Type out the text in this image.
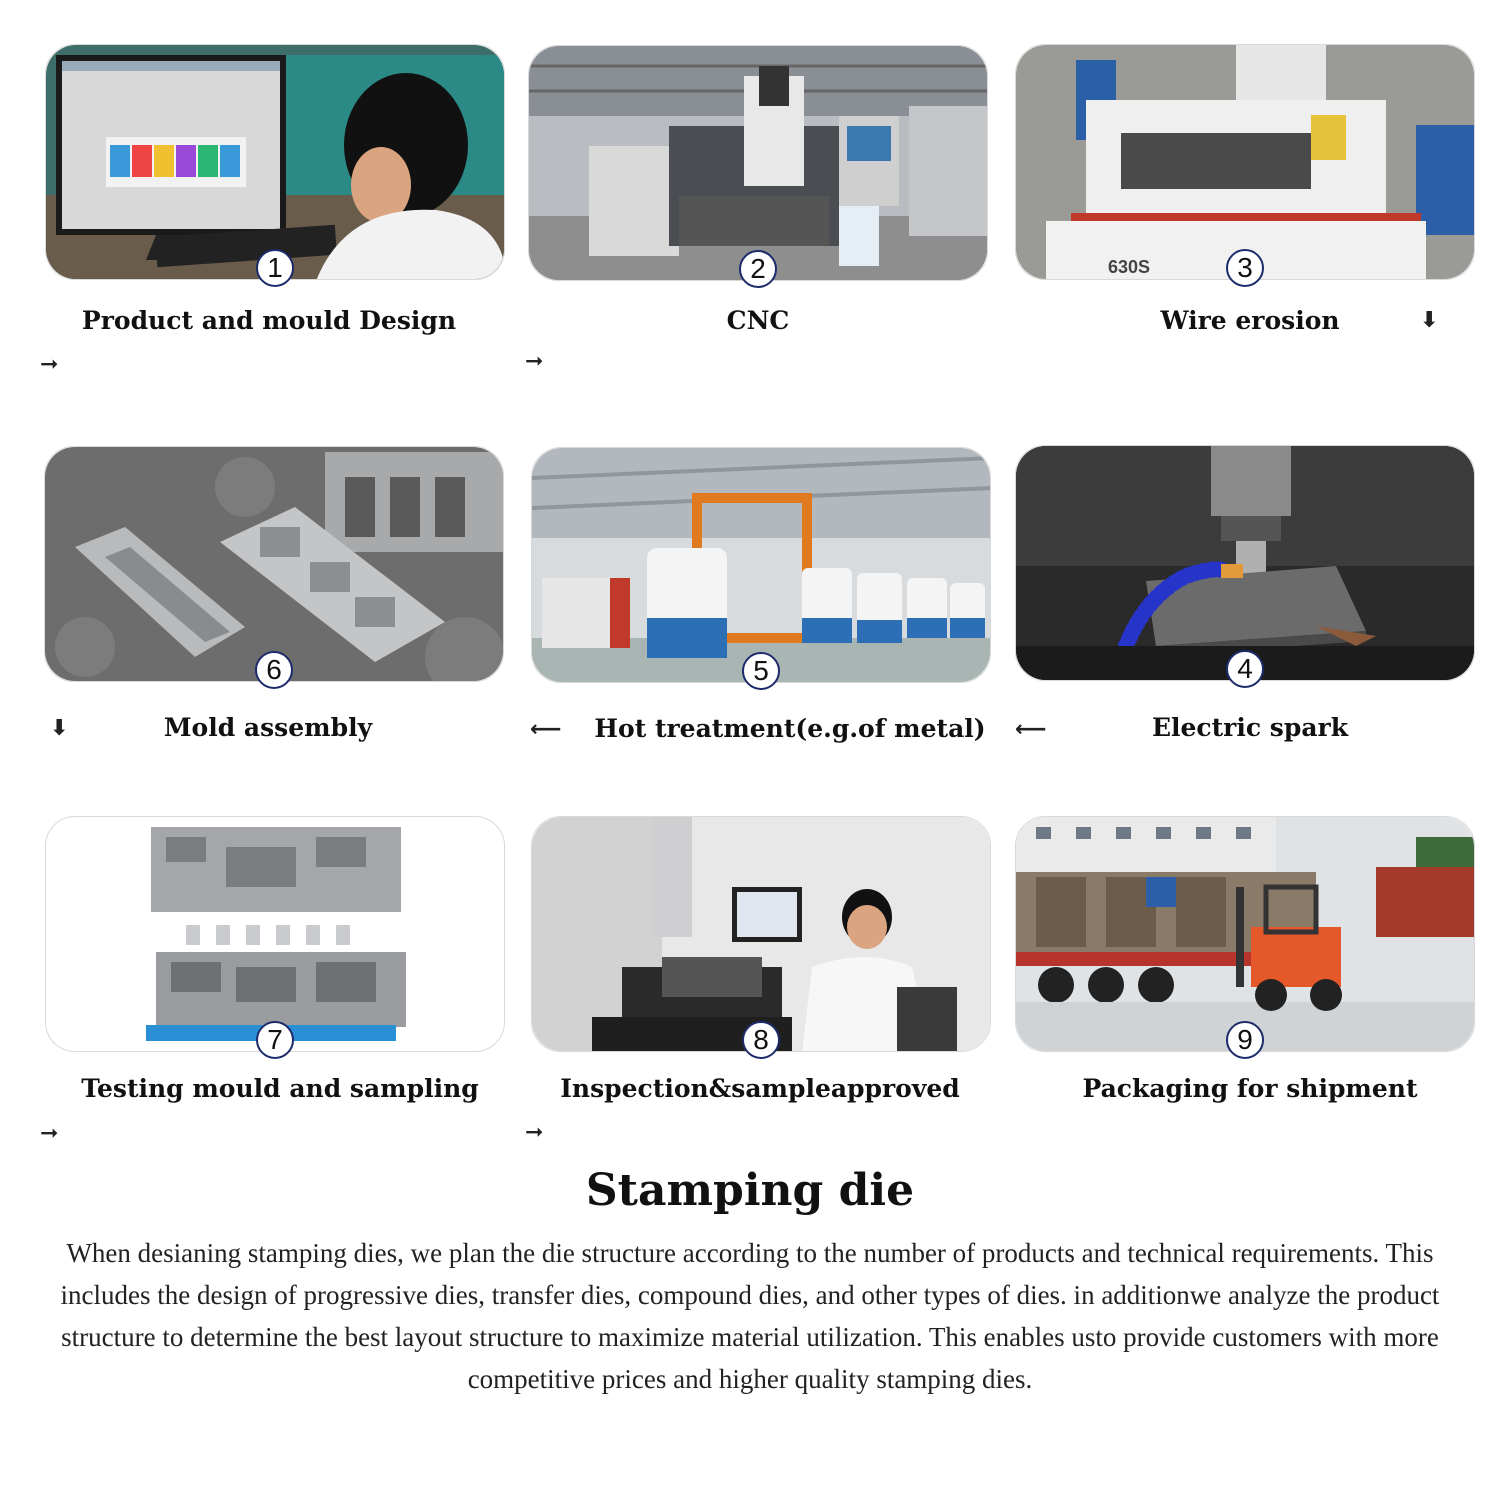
1	2	630S	3
Product and mould Design	CNC	Wire erosion
➞	➞
⬇
6	5	4
⬇	Mold assembly	⟵	Hot treatment(e.g.of metal)	⟵	Electric spark
7	8	9
Testing mould and sampling	Inspection&sampleapproved	Packaging for shipment
➞	➞
Stamping die
When desianing stamping dies, we plan the die structure according to the number of products and technical requirements. This includes the design of progressive dies, transfer dies, compound dies, and other types of dies. in additionwe analyze the product structure to determine the best layout structure to maximize material utilization. This enables usto provide customers with more competitive prices and higher quality stamping dies.
